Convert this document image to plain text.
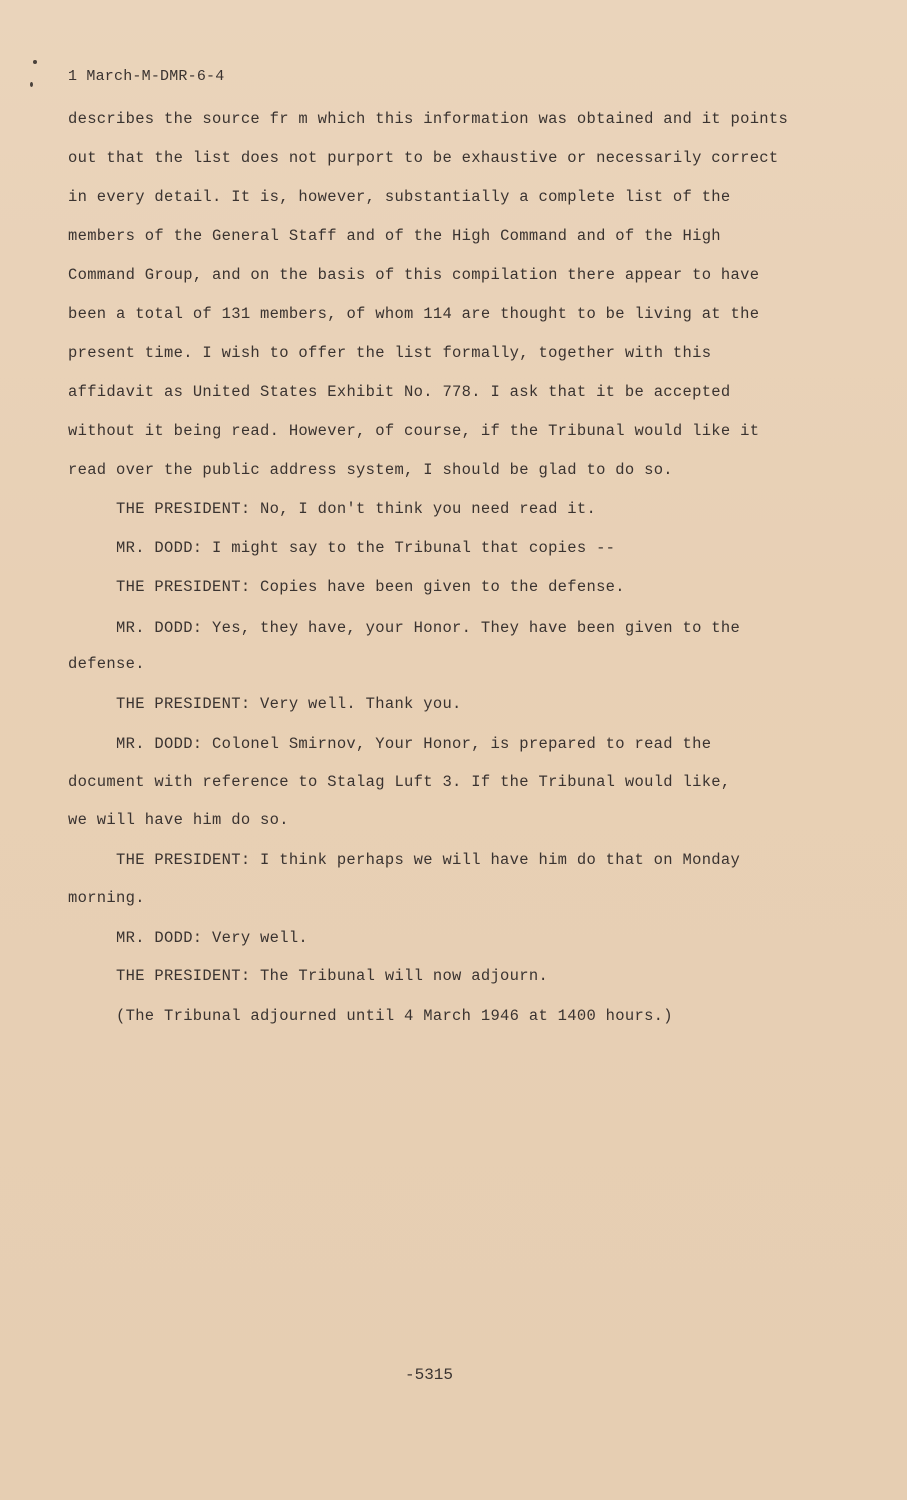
1 March-M-DMR-6-4
describes the source fr m which this information was obtained and it points
out that the list does not purport to be exhaustive or necessarily correct
in every detail. It is, however, substantially a complete list of the
members of the General Staff and of the High Command and of the High
Command Group, and on the basis of this compilation there appear to have
been a total of 131 members, of whom 114 are thought to be living at the
present time. I wish to offer the list formally, together with this
affidavit as United States Exhibit No. 778. I ask that it be accepted
without it being read. However, of course, if the Tribunal would like it
read over the public address system, I should be glad to do so.
THE PRESIDENT: No, I don't think you need read it.
MR. DODD: I might say to the Tribunal that copies --
THE PRESIDENT: Copies have been given to the defense.
MR. DODD: Yes, they have, your Honor. They have been given to the
defense.
THE PRESIDENT: Very well. Thank you.
MR. DODD: Colonel Smirnov, Your Honor, is prepared to read the
document with reference to Stalag Luft 3. If the Tribunal would like,
we will have him do so.
THE PRESIDENT: I think perhaps we will have him do that on Monday
morning.
MR. DODD: Very well.
THE PRESIDENT: The Tribunal will now adjourn.
(The Tribunal adjourned until 4 March 1946 at 1400 hours.)
-5315
